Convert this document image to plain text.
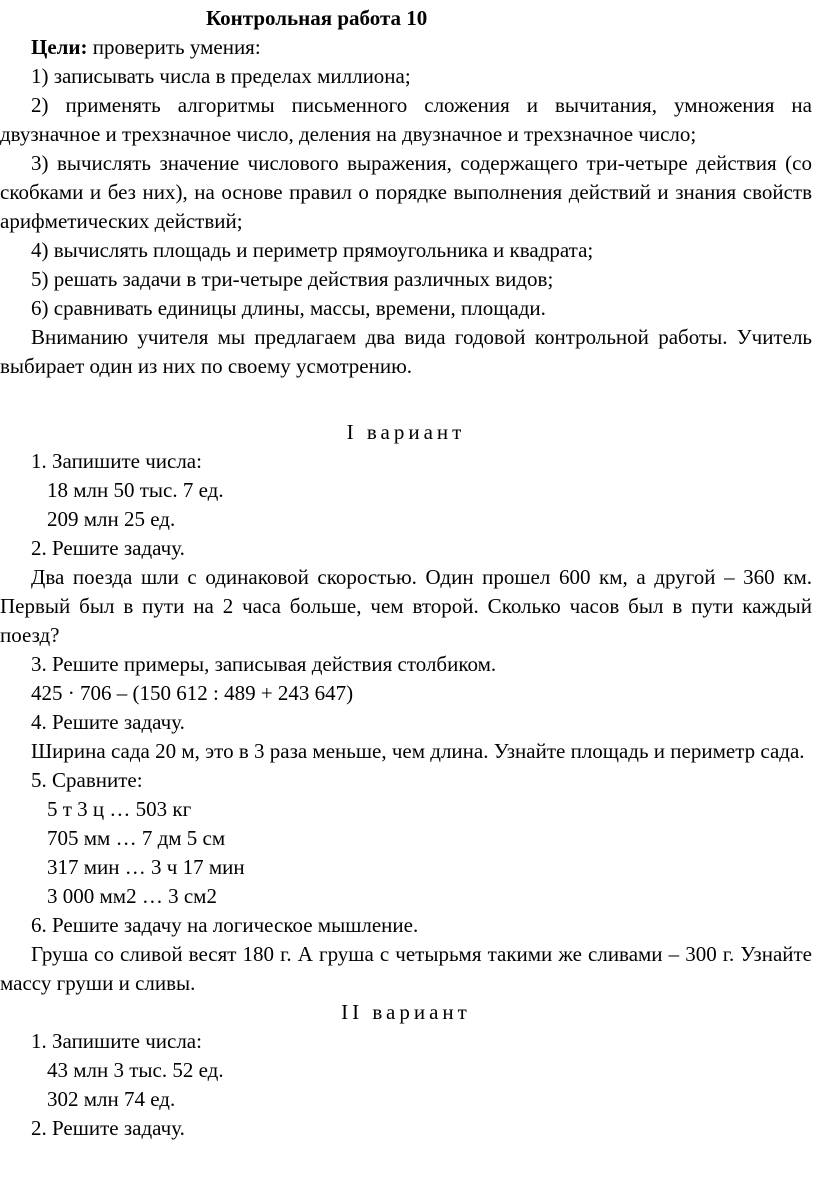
Контрольная работа 10

Цели: проверить умения:

1) записывать числа в пределах миллиона;

2) применять алгоритмы письменного сложения и вычитания, умножения на двузначное и трехзначное число, деления на двузначное и трехзначное число;

3) вычислять значение числового выражения, содержащего три-четыре действия (со скобками и без них), на основе правил о порядке выполнения действий и знания свойств арифметических действий;

4) вычислять площадь и периметр прямоугольника и квадрата;

5) решать задачи в три-четыре действия различных видов;

6) сравнивать единицы длины, массы, времени, площади.

Вниманию учителя мы предлагаем два вида годовой контрольной работы. Учитель выбирает один из них по своему усмотрению.

I вариант

1. Запишите числа:

18 млн 50 тыс. 7 ед.

209 млн 25 ед.

2. Решите задачу.

Два поезда шли с одинаковой скоростью. Один прошел 600 км, а другой – 360 км. Первый был в пути на 2 часа больше, чем второй. Сколько часов был в пути каждый поезд?

3. Решите примеры, записывая действия столбиком.

425 · 706 – (150 612 : 489 + 243 647)

4. Решите задачу.

Ширина сада 20 м, это в 3 раза меньше, чем длина. Узнайте площадь и периметр сада.

5. Сравните:

5 т 3 ц … 503 кг

705 мм … 7 дм 5 см

317 мин … 3 ч 17 мин

3 000 мм2 … 3 см2

6. Решите задачу на логическое мышление.

Груша со сливой весят 180 г. А груша с четырьмя такими же сливами – 300 г. Узнайте массу груши и сливы.

II вариант

1. Запишите числа:

43 млн 3 тыс. 52 ед.

302 млн 74 ед.

2. Решите задачу.
